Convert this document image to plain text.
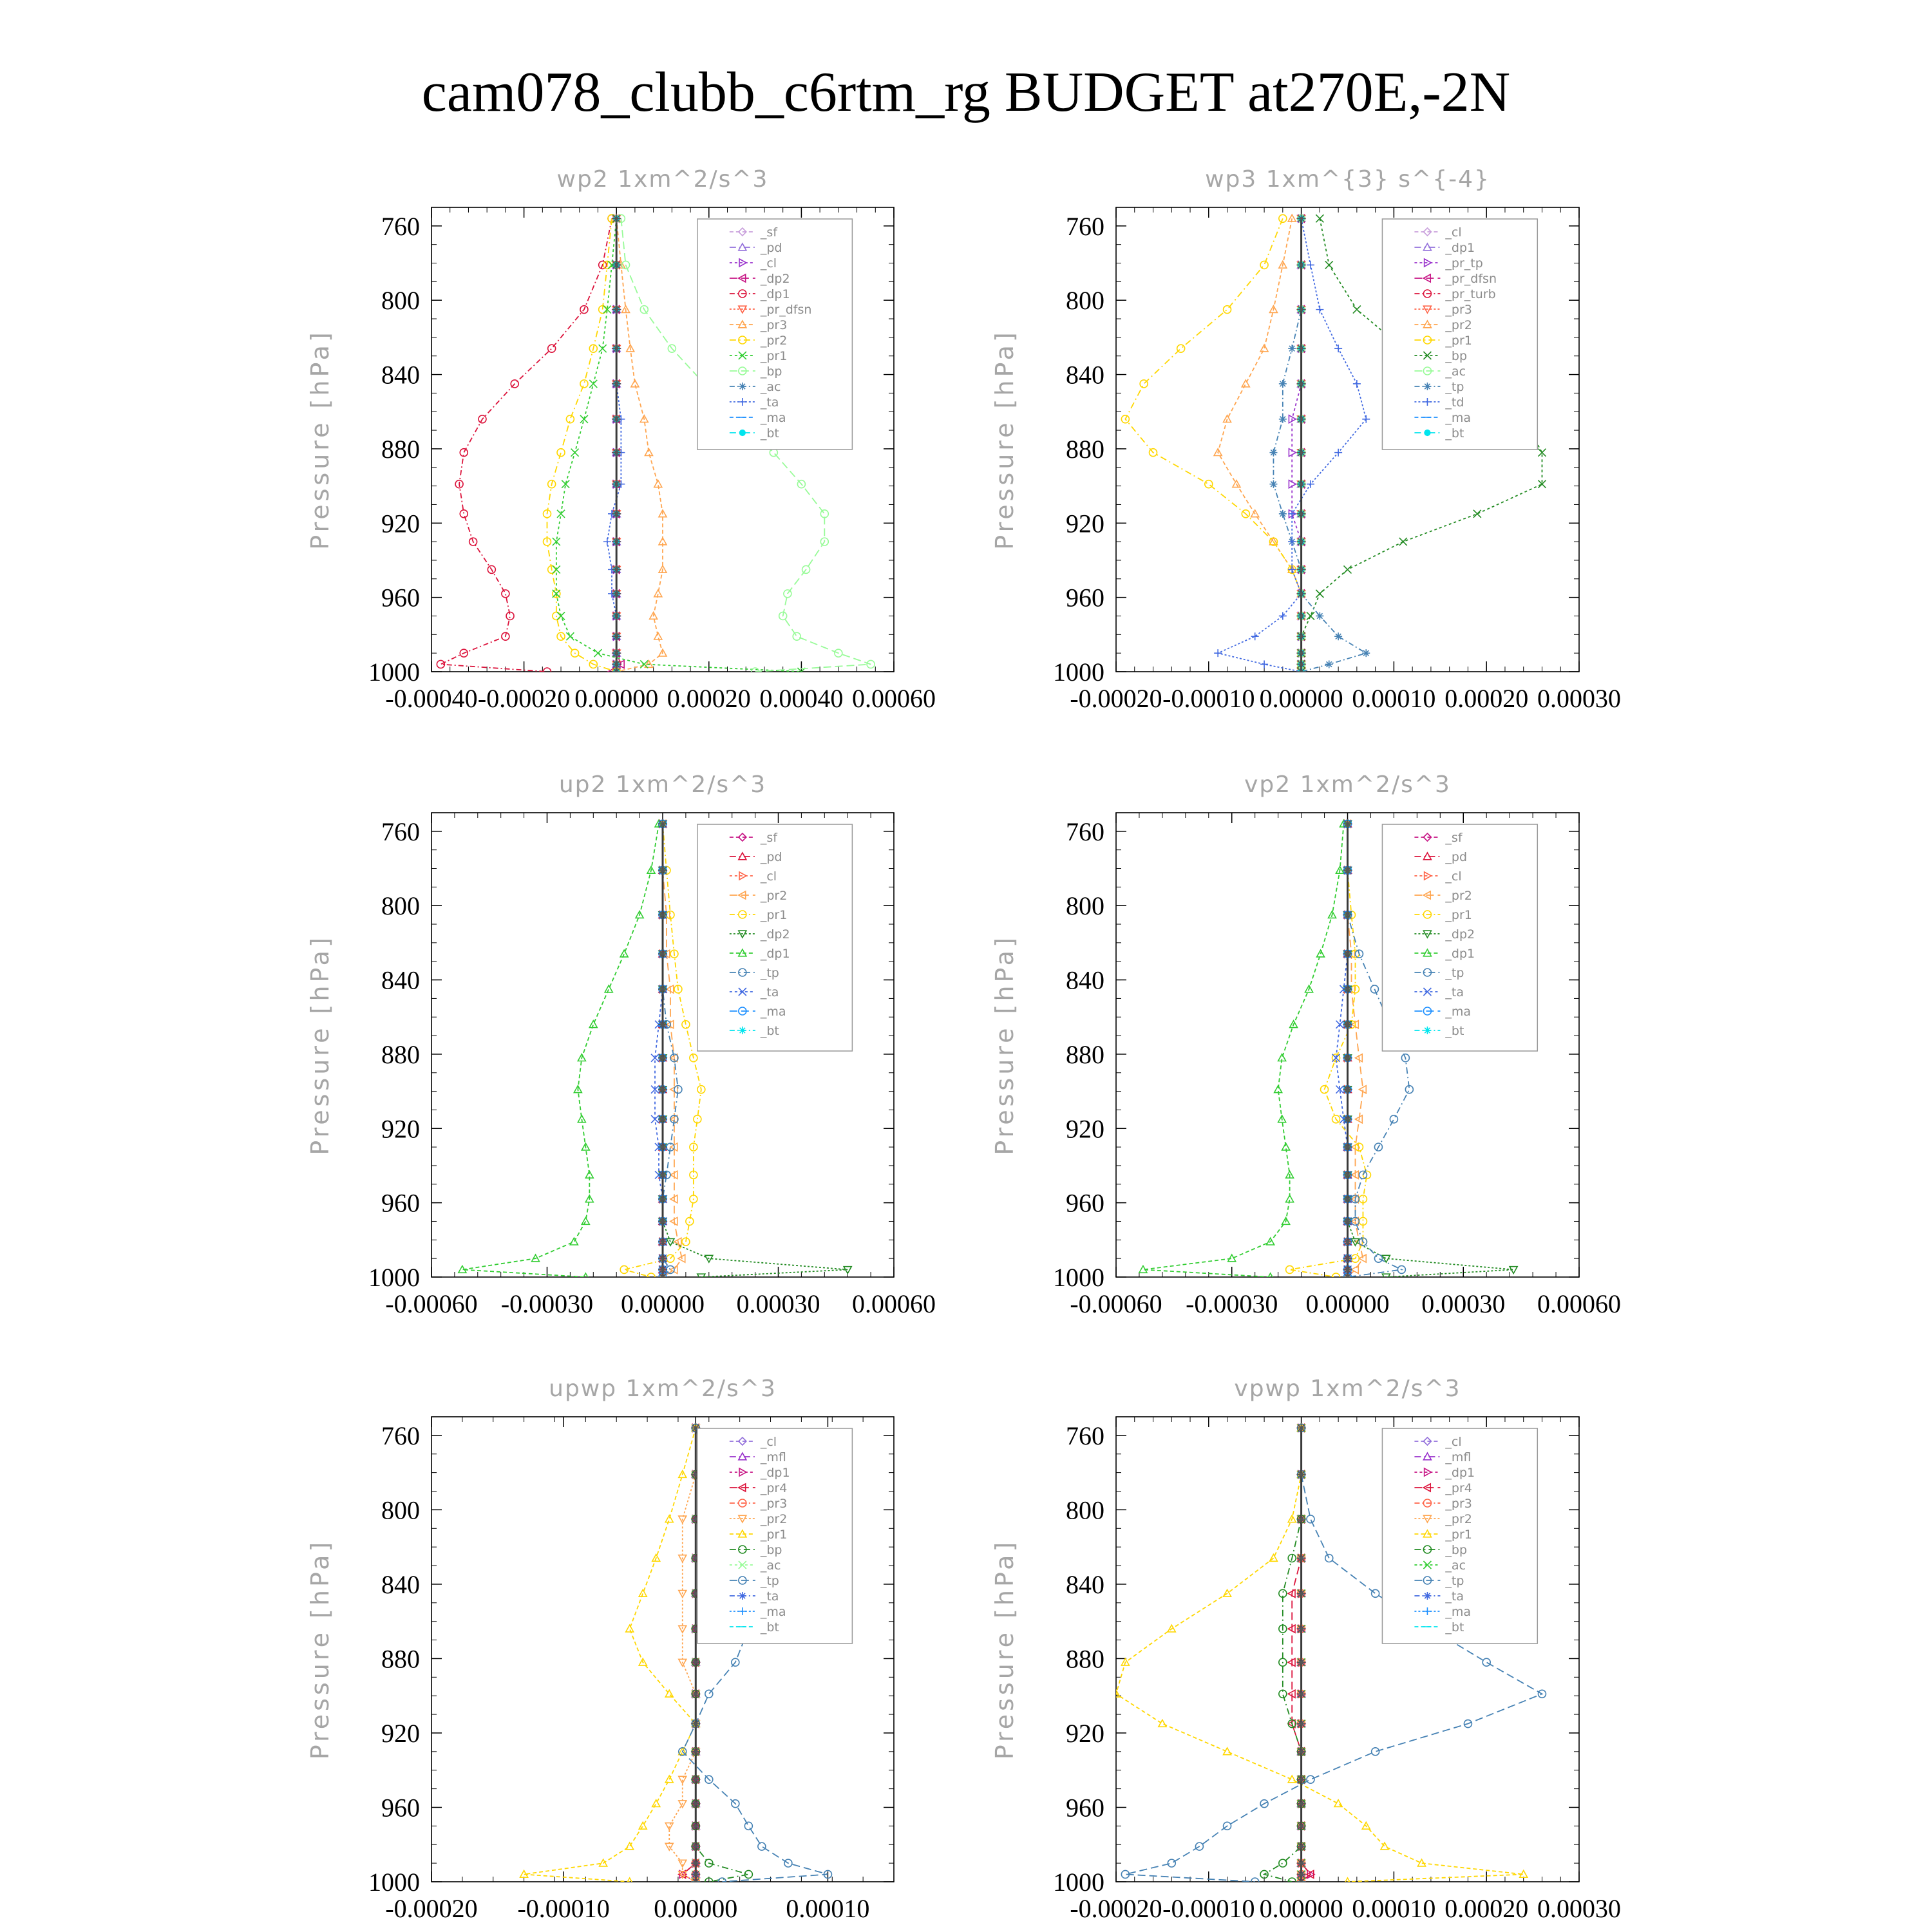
cam078_clubb_c6rtm_rg BUDGET at270E,-2N
wp2 1xm^2/s^3
Pressure [hPa]
760
800
840
880
920
960
1000
-0.00040 -0.00020 0.00000 0.00020 0.00040 0.00060
_sf
_pd
_cl
_dp2
_dp1
_pr_dfsn
_pr3
_pr2
_pr1
_bp
_ac
_ta
_ma
_bt
wp3 1xm^{3} s^{-4}
Pressure [hPa]
760
800
840
880
920
960
1000
-0.00020 -0.00010 0.00000 0.00010 0.00020 0.00030
_cl
_dp1
_pr_tp
_pr_dfsn
_pr_turb
_pr3
_pr2
_pr1
_bp
_ac
_tp
_td
_ma
_bt
up2 1xm^2/s^3
Pressure [hPa]
760
800
840
880
920
960
1000
-0.00060 -0.00030 0.00000 0.00030 0.00060
_sf
_pd
_cl
_pr2
_pr1
_dp2
_dp1
_tp
_ta
_ma
_bt
vp2 1xm^2/s^3
Pressure [hPa]
760
800
840
880
920
960
1000
-0.00060 -0.00030 0.00000 0.00030 0.00060
_sf
_pd
_cl
_pr2
_pr1
_dp2
_dp1
_tp
_ta
_ma
_bt
upwp 1xm^2/s^3
Pressure [hPa]
760
800
840
880
920
960
1000
-0.00020 -0.00010 0.00000 0.00010
_cl
_mfl
_dp1
_pr4
_pr3
_pr2
_pr1
_bp
_ac
_tp
_ta
_ma
_bt
vpwp 1xm^2/s^3
Pressure [hPa]
760
800
840
880
920
960
1000
-0.00020 -0.00010 0.00000 0.00010 0.00020 0.00030
_cl
_mfl
_dp1
_pr4
_pr3
_pr2
_pr1
_bp
_ac
_tp
_ta
_ma
_bt
